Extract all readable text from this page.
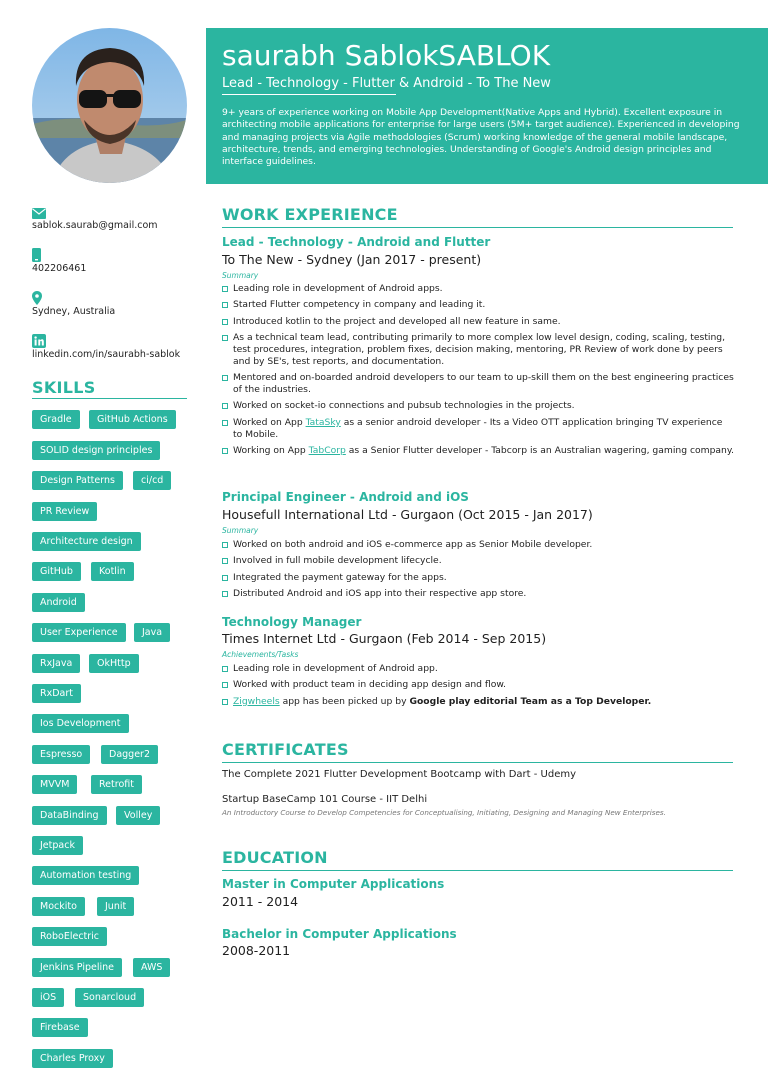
saurabh SablokSABLOK
Lead - Technology - Flutter & Android - To The New
9+ years of experience working on Mobile App Development(Native Apps and Hybrid). Excellent exposure in architecting mobile applications for enterprise for large users (5M+ target audience). Experienced in developing and managing projects via Agile methodologies (Scrum) working knowledge of the general mobile landscape, architecture, trends, and emerging technologies. Understanding of Google's Android design principles and interface guidelines.
sablok.saurab@gmail.com
402206461
Sydney, Australia
linkedin.com/in/saurabh-sablok
SKILLS
Gradle	GitHub Actions
SOLID design principles
Design Patterns	ci/cd
PR Review
Architecture design
GitHub	Kotlin
Android
User Experience	Java
RxJava	OkHttp
RxDart
Ios Development
Espresso	Dagger2
MVVM	Retrofit
DataBinding	Volley
Jetpack
Automation testing
Mockito	Junit
RoboElectric
Jenkins Pipeline	AWS
iOS	Sonarcloud
Firebase
Charles Proxy
WORK EXPERIENCE
Lead - Technology - Android and Flutter
To The New - Sydney (Jan 2017 - present)
Summary
Leading role in development of Android apps.
Started Flutter competency in company and leading it.
Introduced kotlin to the project and developed all new feature in same.
As a technical team lead, contributing primarily to more complex low level design, coding, scaling, testing, test procedures, integration, problem fixes, decision making, mentoring, PR Review of work done by peers and by SE's, test reports, and documentation.
Mentored and on-boarded android developers to our team to up-skill them on the best engineering practices of the industries.
Worked on socket-io connections and pubsub technologies in the projects.
Worked on App TataSky as a senior android developer - Its a Video OTT application bringing TV experience to Mobile.
Working on App TabCorp as a Senior Flutter developer - Tabcorp is an Australian wagering, gaming company.
Principal Engineer - Android and iOS
Housefull International Ltd - Gurgaon (Oct 2015 - Jan 2017)
Summary
Worked on both android and iOS e-commerce app as Senior Mobile developer.
Involved in full mobile development lifecycle.
Integrated the payment gateway for the apps.
Distributed Android and iOS app into their respective app store.
Technology Manager
Times Internet Ltd - Gurgaon (Feb 2014 - Sep 2015)
Achievements/Tasks
Leading role in development of Android app.
Worked with product team in deciding app design and flow.
Zigwheels app has been picked up by Google play editorial Team as a Top Developer.
CERTIFICATES
The Complete 2021 Flutter Development Bootcamp with Dart - Udemy
Startup BaseCamp 101 Course - IIT Delhi
An Introductory Course to Develop Competencies for Conceptualising, Initiating, Designing and Managing New Enterprises.
EDUCATION
Master in Computer Applications
2011 - 2014
Bachelor in Computer Applications
2008-2011
